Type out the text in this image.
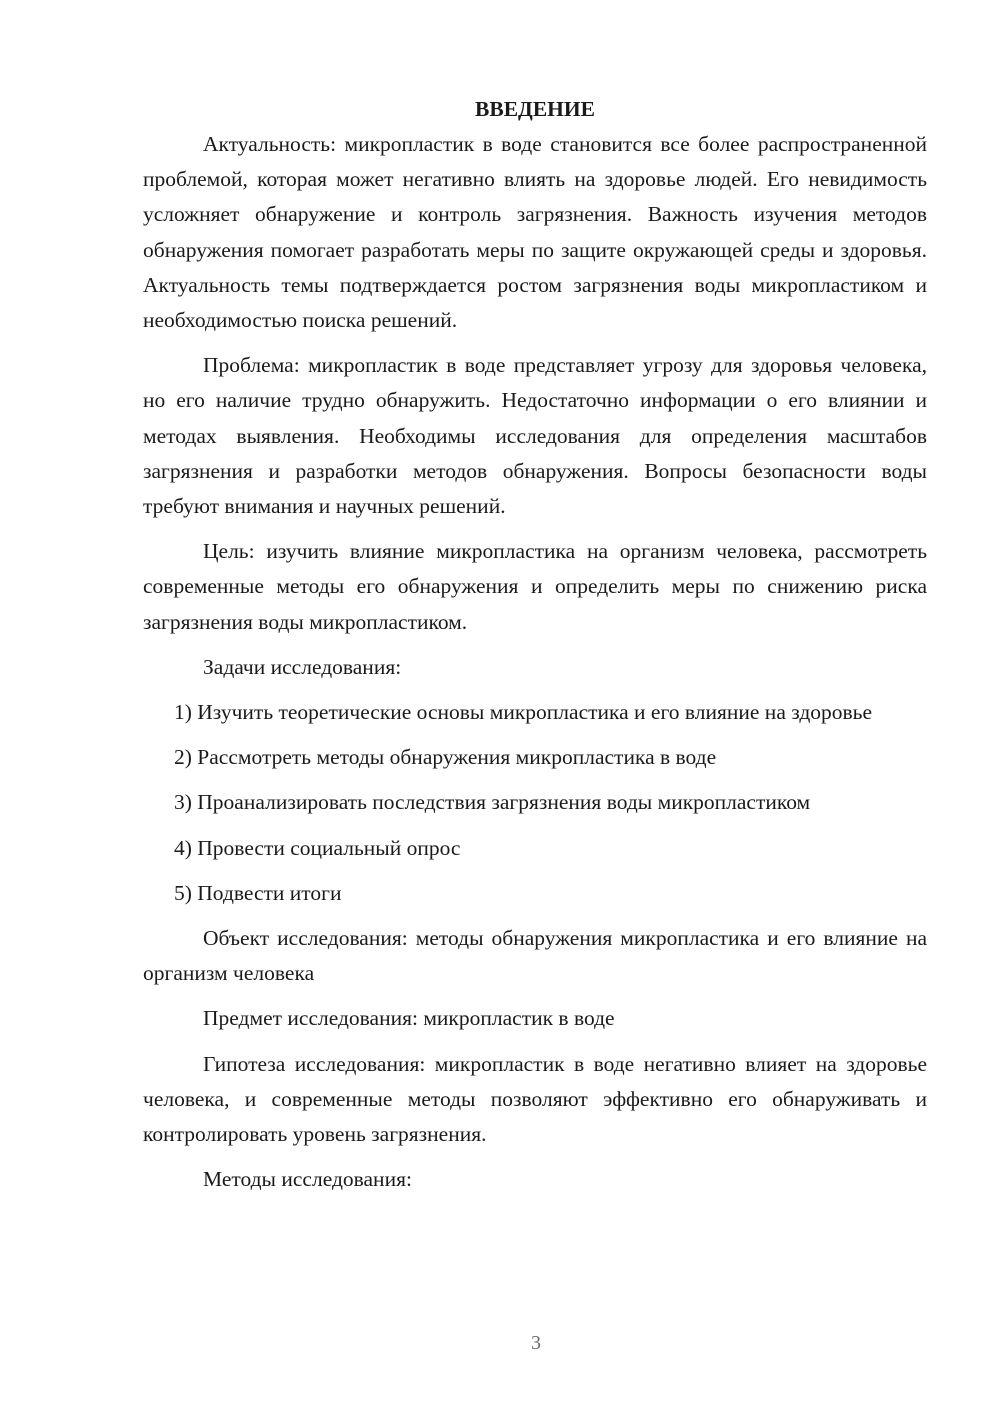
ВВЕДЕНИЕ

Актуальность: микропластик в воде становится все более распространенной проблемой, которая может негативно влиять на здоровье людей. Его невидимость усложняет обнаружение и контроль загрязнения. Важность изучения методов обнаружения помогает разработать меры по защите окружающей среды и здоровья. Актуальность темы подтверждается ростом загрязнения воды микропластиком и необходимостью поиска решений.

Проблема: микропластик в воде представляет угрозу для здоровья человека, но его наличие трудно обнаружить. Недостаточно информации о его влиянии и методах выявления. Необходимы исследования для определения масштабов загрязнения и разработки методов обнаружения. Вопросы безопасности воды требуют внимания и научных решений.

Цель: изучить влияние микропластика на организм человека, рассмотреть современные методы его обнаружения и определить меры по снижению риска загрязнения воды микропластиком.

Задачи исследования:

1) Изучить теоретические основы микропластика и его влияние на здоровье

2) Рассмотреть методы обнаружения микропластика в воде

3) Проанализировать последствия загрязнения воды микропластиком

4) Провести социальный опрос

5) Подвести итоги

Объект исследования: методы обнаружения микропластика и его влияние на организм человека

Предмет исследования: микропластик в воде

Гипотеза исследования: микропластик в воде негативно влияет на здоровье человека, и современные методы позволяют эффективно его обнаруживать и контролировать уровень загрязнения.

Методы исследования:

3
